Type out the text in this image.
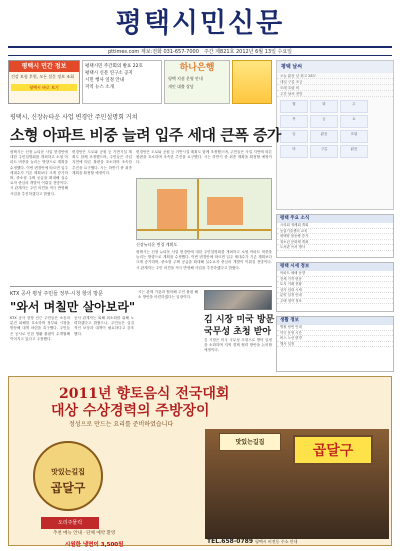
평택시민신문
pttimes.com 제보:전화 031-657-7000 주간 제821호 2012년 6월 13일 수요일
평택시 민간 정보
건강 보험 후원, 모든 설문 정보 조회
평택시 바로 보기
평택시민 주간회의 발표 22호
평택시 신문 연구소 공지
시민 행사 일정 안내
지역 뉴스 소개
하나은행
평택 지점 운영 안내
개인 대출 상담
평택 날씨
오늘 맑음 낮 최고 28도
내일 구름 조금
모레 흐림 비
주간 날씨 전망
월	화	수
목	금	토
일	맑음	흐림
비	구름	맑음
평택시, 신장뉴타운 사업 변경안 주민설명회 거쳐
소형 아파트 비중 늘려 입주 세대 큰폭 증가
평택시는 신장 뉴타운 사업 변경안에 대한 주민설명회를 개최하고 소형 아파트 비중을 늘리는 방향으로 계획을 수정했다. 이번 변경안에 따르면 입주 세대수가 기존 계획보다 크게 증가하며, 중소형 주택 공급을 확대해 실수요자 중심의 개발이 이뤄질 전망이다. 시 관계자는 주민 의견을 적극 반영해 사업을 추진하겠다고 밝혔다.
변경안은 도로와 공원 등 기반시설 계획도 함께 조정했으며, 주민들은 사업 지연에 따른 불편을 호소하며 조속한 추진을 요구했다. 시는 하반기 중 최종 계획을 확정할 예정이다.
변경안은 도로와 공원 등 기반시설 계획도 함께 조정했으며, 주민들은 사업 지연에 따른 불편을 호소하며 조속한 추진을 요구했다. 시는 하반기 중 최종 계획을 확정할 예정이다.
신장뉴타운 변경 계획도
평택시는 신장 뉴타운 사업 변경안에 대한 주민설명회를 개최하고 소형 아파트 비중을 늘리는 방향으로 계획을 수정했다. 이번 변경안에 따르면 입주 세대수가 기존 계획보다 크게 증가하며, 중소형 주택 공급을 확대해 실수요자 중심의 개발이 이뤄질 전망이다. 시 관계자는 주민 의견을 적극 반영해 사업을 추진하겠다고 밝혔다.
KTX 공사 평성 주민들 정부·시청 항의 방문
"와서 며칠만 살아보라"
KTX 공사 현장 인근 주민들은 소음과 분진 피해를 호소하며 정부와 시청을 방문해 대책 마련을 촉구했다. 주민들은 공사로 인한 생활 불편이 수개월째 이어지고 있다고 주장했다.
공사 관계자는 피해 최소화를 위해 노력하겠다고 밝혔으나, 주민들은 실질적인 보상과 대책이 필요하다고 강조했다.
시는 관계 기관과 협의해 주민 불편 해소 방안을 마련하겠다는 입장이다.
김 시장 미국 방문
국무성 초청 받아
김 시장은 미국 국무성 초청으로 방미 일정을 소화하며 지역 경제 협력 방안을 논의할 예정이다.
평택 주요 소식
시의회 정례회 개회
농업기술센터 교육
평택항 물동량 증가
청소년 문화제 개최
도서관 독서 행사
평택 시세 정보
아파트 매매 동향
전세 가격 변동
토지 거래 현황
상가 임대 시세
분양 일정 안내
주택 청약 정보
생활 정보
병원 당번 안내
약국 운영 시간
버스 노선 변경
행사 일정
2011년 향토음식 전국대회
대상 수상경력의 주방장이
정성으로 만드는 요리를 준비하였습니다
맛있는길집
곱달구
오리주물럭
추천 메뉴 안내 · 단체 예약 환영
시원한 냉면이 3,500원
맛있는길집
곱달구
TEL.658-0789 평택시 비전동 주소 안내
